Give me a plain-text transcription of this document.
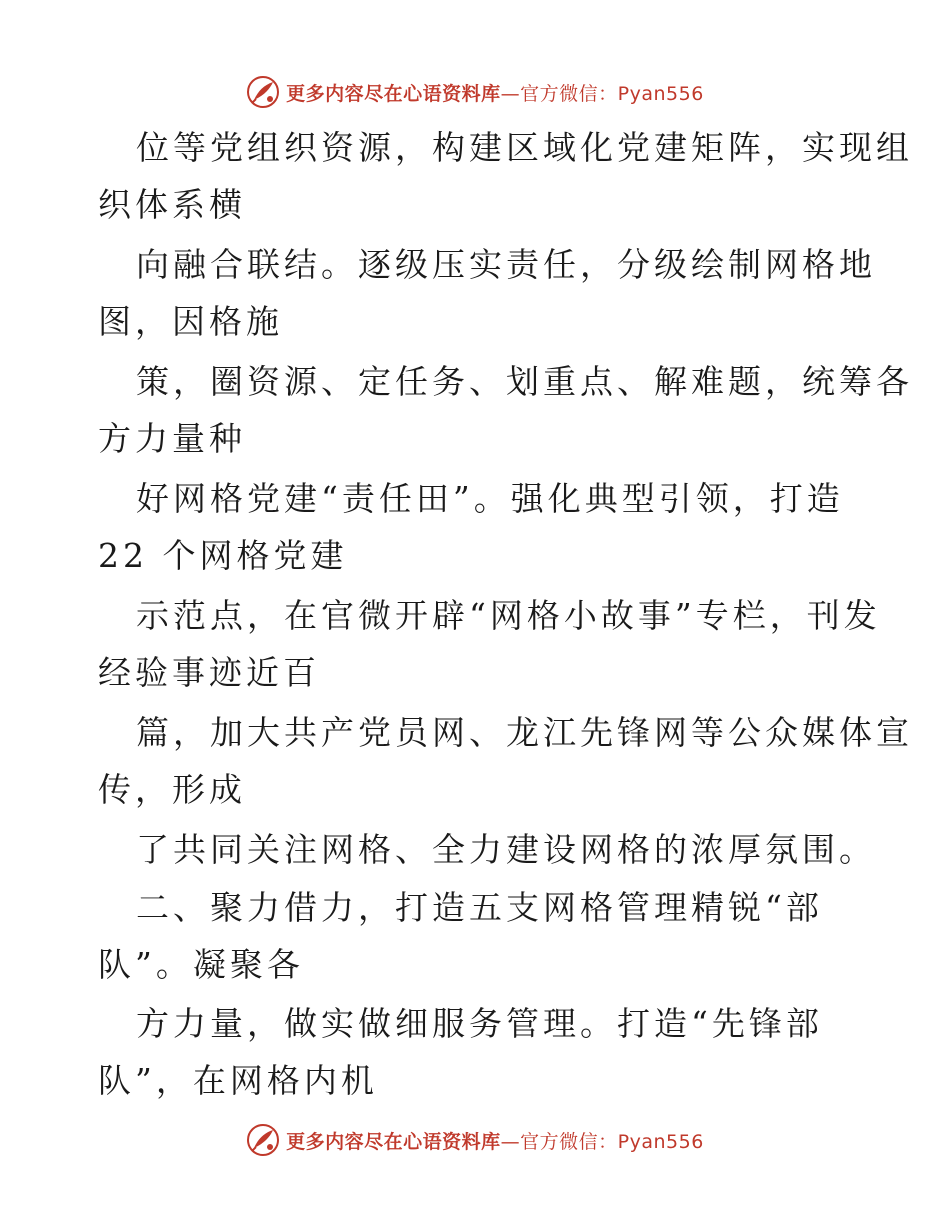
更多内容尽在心语资料库—官方微信：Pyan556
位等党组织资源，构建区域化党建矩阵，实现组
织体系横
向融合联结。逐级压实责任，分级绘制网格地
图，因格施
策，圈资源、定任务、划重点、解难题，统筹各
方力量种
好网格党建“责任田”。强化典型引领，打造
22 个网格党建
示范点，在官微开辟“网格小故事”专栏，刊发
经验事迹近百
篇，加大共产党员网、龙江先锋网等公众媒体宣
传，形成
了共同关注网格、全力建设网格的浓厚氛围。
二、聚力借力，打造五支网格管理精锐“部
队”。凝聚各
方力量，做实做细服务管理。打造“先锋部
队”，在网格内机
更多内容尽在心语资料库—官方微信：Pyan556
